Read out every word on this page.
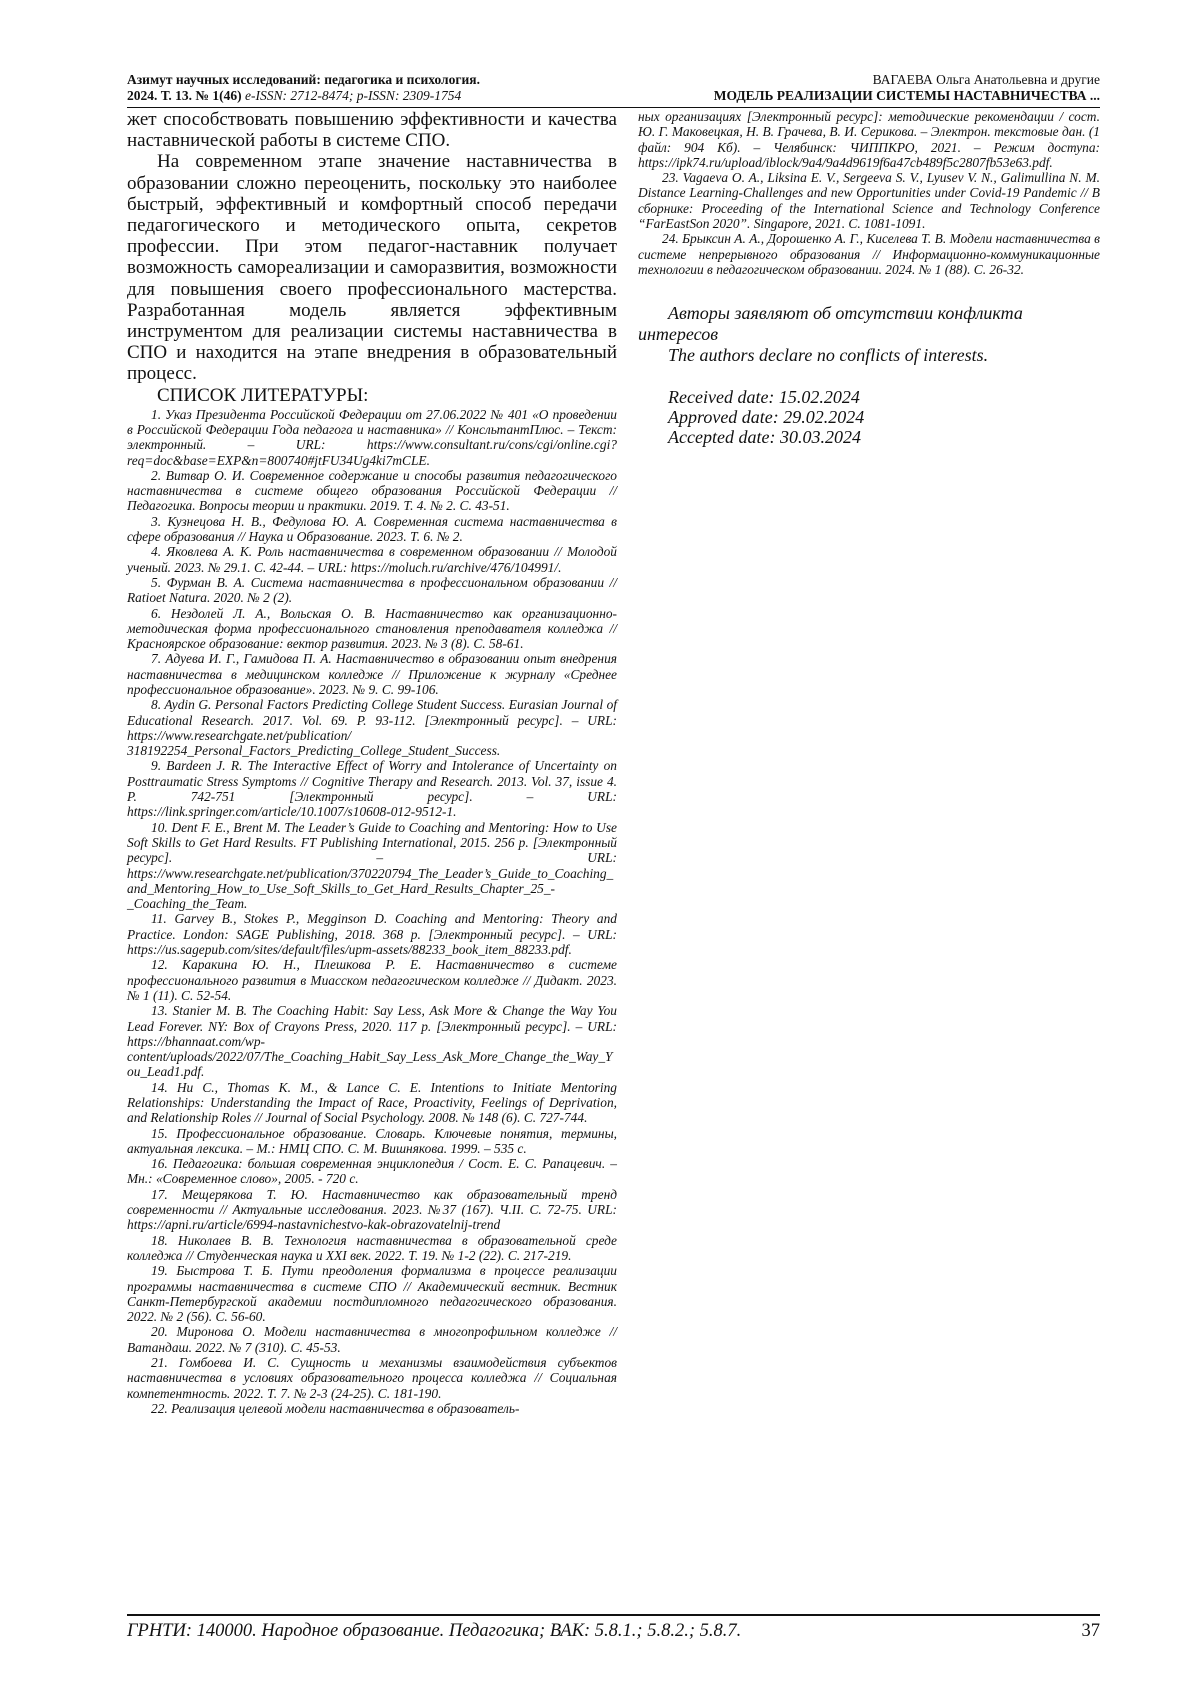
Азимут научных исследований: педагогика и психология.
2024. Т. 13. № 1(46) e-ISSN: 2712-8474; p-ISSN: 2309-1754
ВАГАЕВА Ольга Анатольевна и другие
МОДЕЛЬ РЕАЛИЗАЦИИ СИСТЕМЫ НАСТАВНИЧЕСТВА ...

жет способствовать повышению эффективности и качества наставнической работы в системе СПО.

На современном этапе значение наставничества в образовании сложно переоценить, поскольку это наиболее быстрый, эффективный и комфортный способ передачи педагогического и методического опыта, секретов профессии. При этом педагог-наставник получает возможность самореализации и саморазвития, возможности для повышения своего профессионального мастерства. Разработанная модель является эффективным инструментом для реализации системы наставничества в СПО и находится на этапе внедрения в образовательный процесс.

СПИСОК ЛИТЕРАТУРЫ:

1. Указ Президента Российской Федерации от 27.06.2022 № 401 «О проведении в Российской Федерации Года педагога и наставника» // КонсльтантПлюс. – Текст: электронный. – URL: https://www.consultant.ru/cons/cgi/online.cgi?req=doc&base=EXP&n=800740#jtFU34Ug4ki7mCLE.

2. Витвар О. И. Современное содержание и способы развития педагогического наставничества в системе общего образования Российской Федерации // Педагогика. Вопросы теории и практики. 2019. Т. 4. № 2. С. 43-51.

3. Кузнецова Н. В., Федулова Ю. А. Современная система наставничества в сфере образования // Наука и Образование. 2023. Т. 6. № 2.

4. Яковлева А. К. Роль наставничества в современном образовании // Молодой ученый. 2023. № 29.1. С. 42-44. – URL: https://moluch.ru/archive/476/104991/.

5. Фурман В. А. Система наставничества в профессиональном образовании // Ratioet Natura. 2020. № 2 (2).

6. Нездолей Л. А., Вольская О. В. Наставничество как организационно-методическая форма профессионального становления преподавателя колледжа // Красноярское образование: вектор развития. 2023. № 3 (8). С. 58-61.

7. Адуева И. Г., Гамидова П. А. Наставничество в образовании опыт внедрения наставничества в медицинском колледже // Приложение к журналу «Среднее профессиональное образование». 2023. № 9. С. 99-106.

8. Aydin G. Personal Factors Predicting College Student Success. Eurasian Journal of Educational Research. 2017. Vol. 69. P. 93-112. [Электронный ресурс]. – URL: https://www.researchgate.net/publication/ 318192254_Personal_Factors_Predicting_College_Student_Success.

9. Bardeen J. R. The Interactive Effect of Worry and Intolerance of Uncertainty on Posttraumatic Stress Symptoms // Cognitive Therapy and Research. 2013. Vol. 37, issue 4. P. 742-751 [Электронный ресурс]. – URL: https://link.springer.com/article/10.1007/s10608-012-9512-1.

10. Dent F. E., Brent M. The Leader’s Guide to Coaching and Mentoring: How to Use Soft Skills to Get Hard Results. FT Publishing International, 2015. 256 p. [Электронный ресурс]. – URL: https://www.researchgate.net/publication/370220794_The_Leader’s_Guide_to_Coaching_and_Mentoring_How_to_Use_Soft_Skills_to_Get_Hard_Results_Chapter_25_-_Coaching_the_Team.

11. Garvey B., Stokes P., Megginson D. Coaching and Mentoring: Theory and Practice. London: SAGE Publishing, 2018. 368 p. [Электронный ресурс]. – URL: https://us.sagepub.com/sites/default/files/upm-assets/88233_book_item_88233.pdf.

12. Каракина Ю. Н., Плешкова Р. Е. Наставничество в системе профессионального развития в Миасском педагогическом колледже // Дидакт. 2023. № 1 (11). С. 52-54.

13. Stanier M. B. The Coaching Habit: Say Less, Ask More & Change the Way You Lead Forever. NY: Box of Crayons Press, 2020. 117 p. [Электронный ресурс]. – URL: https://bhannaat.com/wp-content/uploads/2022/07/The_Coaching_Habit_Say_Less_Ask_More_Change_the_Way_You_Lead1.pdf.

14. Hu C., Thomas K. M., & Lance C. E. Intentions to Initiate Mentoring Relationships: Understanding the Impact of Race, Proactivity, Feelings of Deprivation, and Relationship Roles // Journal of Social Psychology. 2008. № 148 (6). С. 727-744.

15. Профессиональное образование. Словарь. Ключевые понятия, термины, актуальная лексика. – М.: НМЦ СПО. С. М. Вишнякова. 1999. – 535 с.

16. Педагогика: большая современная энциклопедия / Сост. Е. С. Рапацевич. – Мн.: «Современное слово», 2005. - 720 с.

17. Мещерякова Т. Ю. Наставничество как образовательный тренд современности // Актуальные исследования. 2023. №37 (167). Ч.II. С. 72-75. URL: https://apni.ru/article/6994-nastavnichestvo-kak-obrazovatelnij-trend

18. Николаев В. В. Технология наставничества в образовательной среде колледжа // Студенческая наука и XXI век. 2022. Т. 19. № 1-2 (22). С. 217-219.

19. Быстрова Т. Б. Пути преодоления формализма в процессе реализации программы наставничества в системе СПО // Академический вестник. Вестник Санкт-Петербургской академии постдипломного педагогического образования. 2022. № 2 (56). С. 56-60.

20. Миронова О. Модели наставничества в многопрофильном колледже // Ватандаш. 2022. № 7 (310). С. 45-53.

21. Гомбоева И. С. Сущность и механизмы взаимодействия субъектов наставничества в условиях образовательного процесса колледжа // Социальная компетентность. 2022. Т. 7. № 2-3 (24-25). С. 181-190.

22. Реализация целевой модели наставничества в образователь-

ных организациях [Электронный ресурс]: методические рекомендации / сост. Ю. Г. Маковецкая, Н. В. Грачева, В. И. Серикова. – Электрон. текстовые дан. (1 файл: 904 Кб). – Челябинск: ЧИППКРО, 2021. – Режим доступа: https://ipk74.ru/upload/iblock/9a4/9a4d9619f6a47cb489f5c2807fb53e63.pdf.

23. Vagaeva O. A., Liksina E. V., Sergeeva S. V., Lyusev V. N., Galimullina N. M. Distance Learning-Challenges and new Opportunities under Covid-19 Pandemic // В сборнике: Proceeding of the International Science and Technology Conference “FarEastSon 2020”. Singapore, 2021. С. 1081-1091.

24. Брыксин А. А., Дорошенко А. Г., Киселева Т. В. Модели наставничества в системе непрерывного образования // Информационно-коммуникационные технологии в педагогическом образовании. 2024. № 1 (88). С. 26-32.

Авторы заявляют об отсутствии конфликта интересов

The authors declare no conflicts of interests.

Received date: 15.02.2024
Approved date: 29.02.2024
Accepted date: 30.03.2024
ГРНТИ: 140000. Народное образование. Педагогика; ВАК: 5.8.1.; 5.8.2.; 5.8.7.	37
